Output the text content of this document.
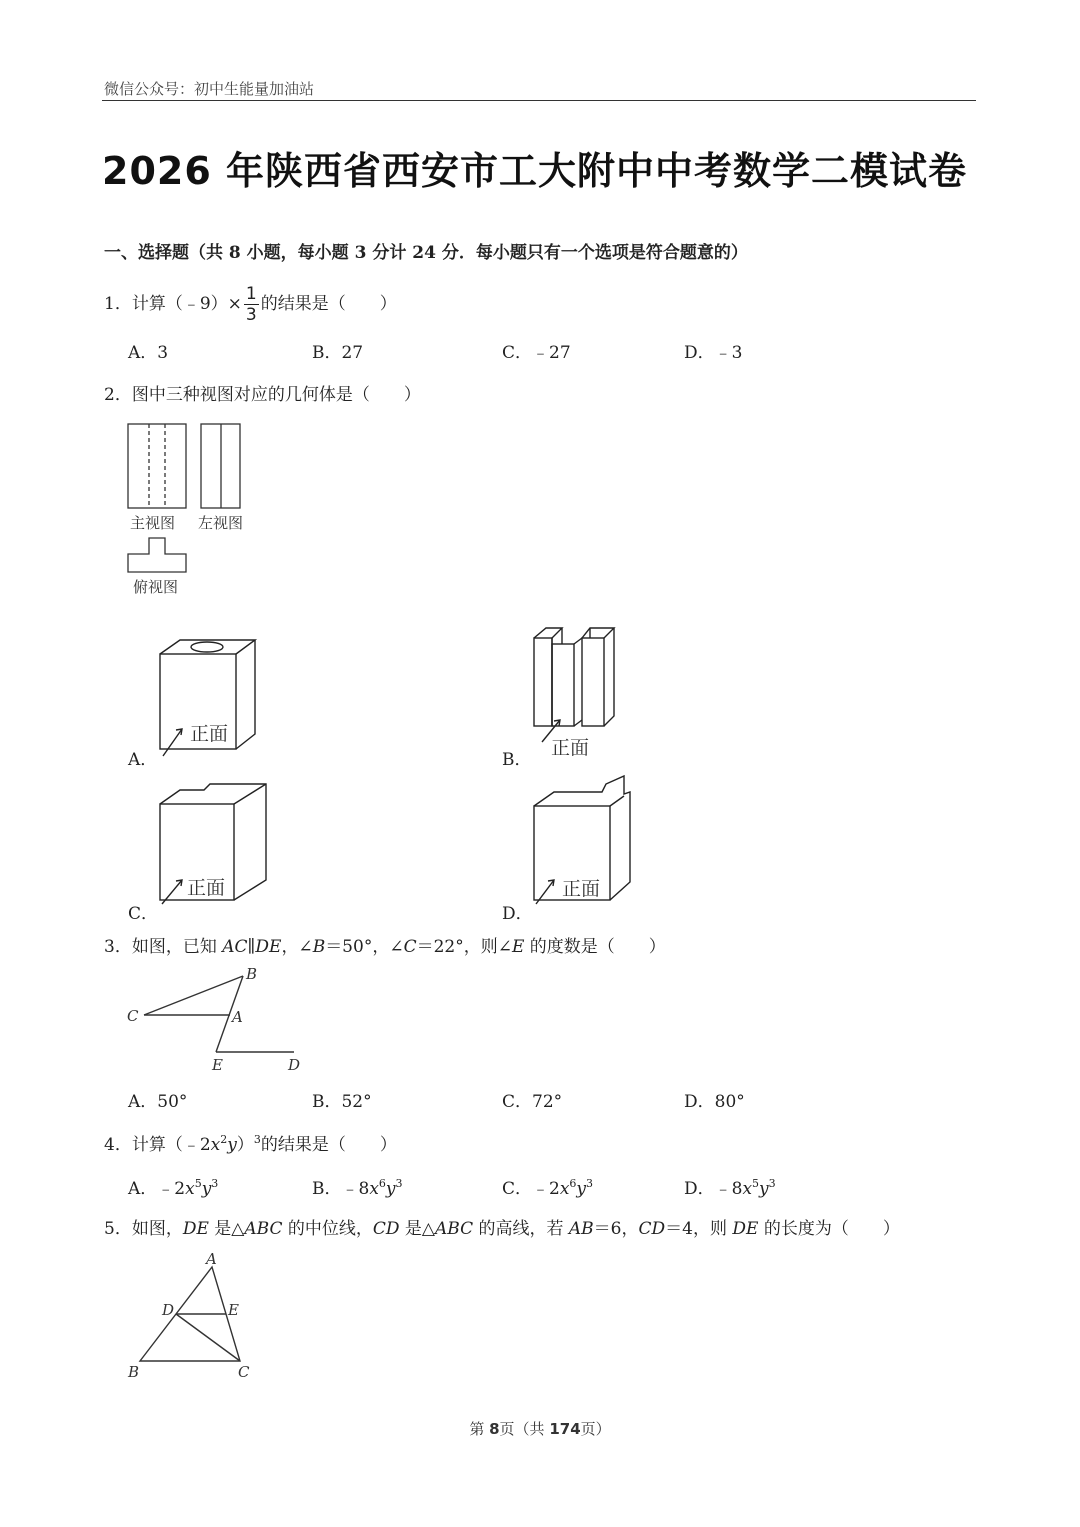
微信公众号：初中生能量加油站
2026 年陕西省西安市工大附中中考数学二模试卷
一、选择题（共 8 小题，每小题 3 分计 24 分．每小题只有一个选项是符合题意的）
1．计算（﹣9）× $\frac{1}{3}$ 的结果是（　　）
A．3	B．27	C．﹣27	D．﹣3
2．图中三种视图对应的几何体是（　　）
主视图 左视图
俯视图
A．
正面
B．
正面
C．
正面
D．
正面
3．如图，已知 AC∥DE，∠B＝50°，∠C＝22°，则∠E 的度数是（　　）
B
C	A
E	D
A．50°	B．52°	C．72°	D．80°
4．计算$(﹣2x^2y)^3$的结果是（　　）
A．$﹣2x^5y^3$	B．$﹣8x^6y^3$	C．$﹣2x^6y^3$	D．$﹣8x^5y^3$
5．如图，DE 是△ABC 的中位线，CD 是△ABC 的高线，若 AB＝6，CD＝4，则 DE 的长度为（　　）
A
D	E
B	C
第 8页（共 174页）
